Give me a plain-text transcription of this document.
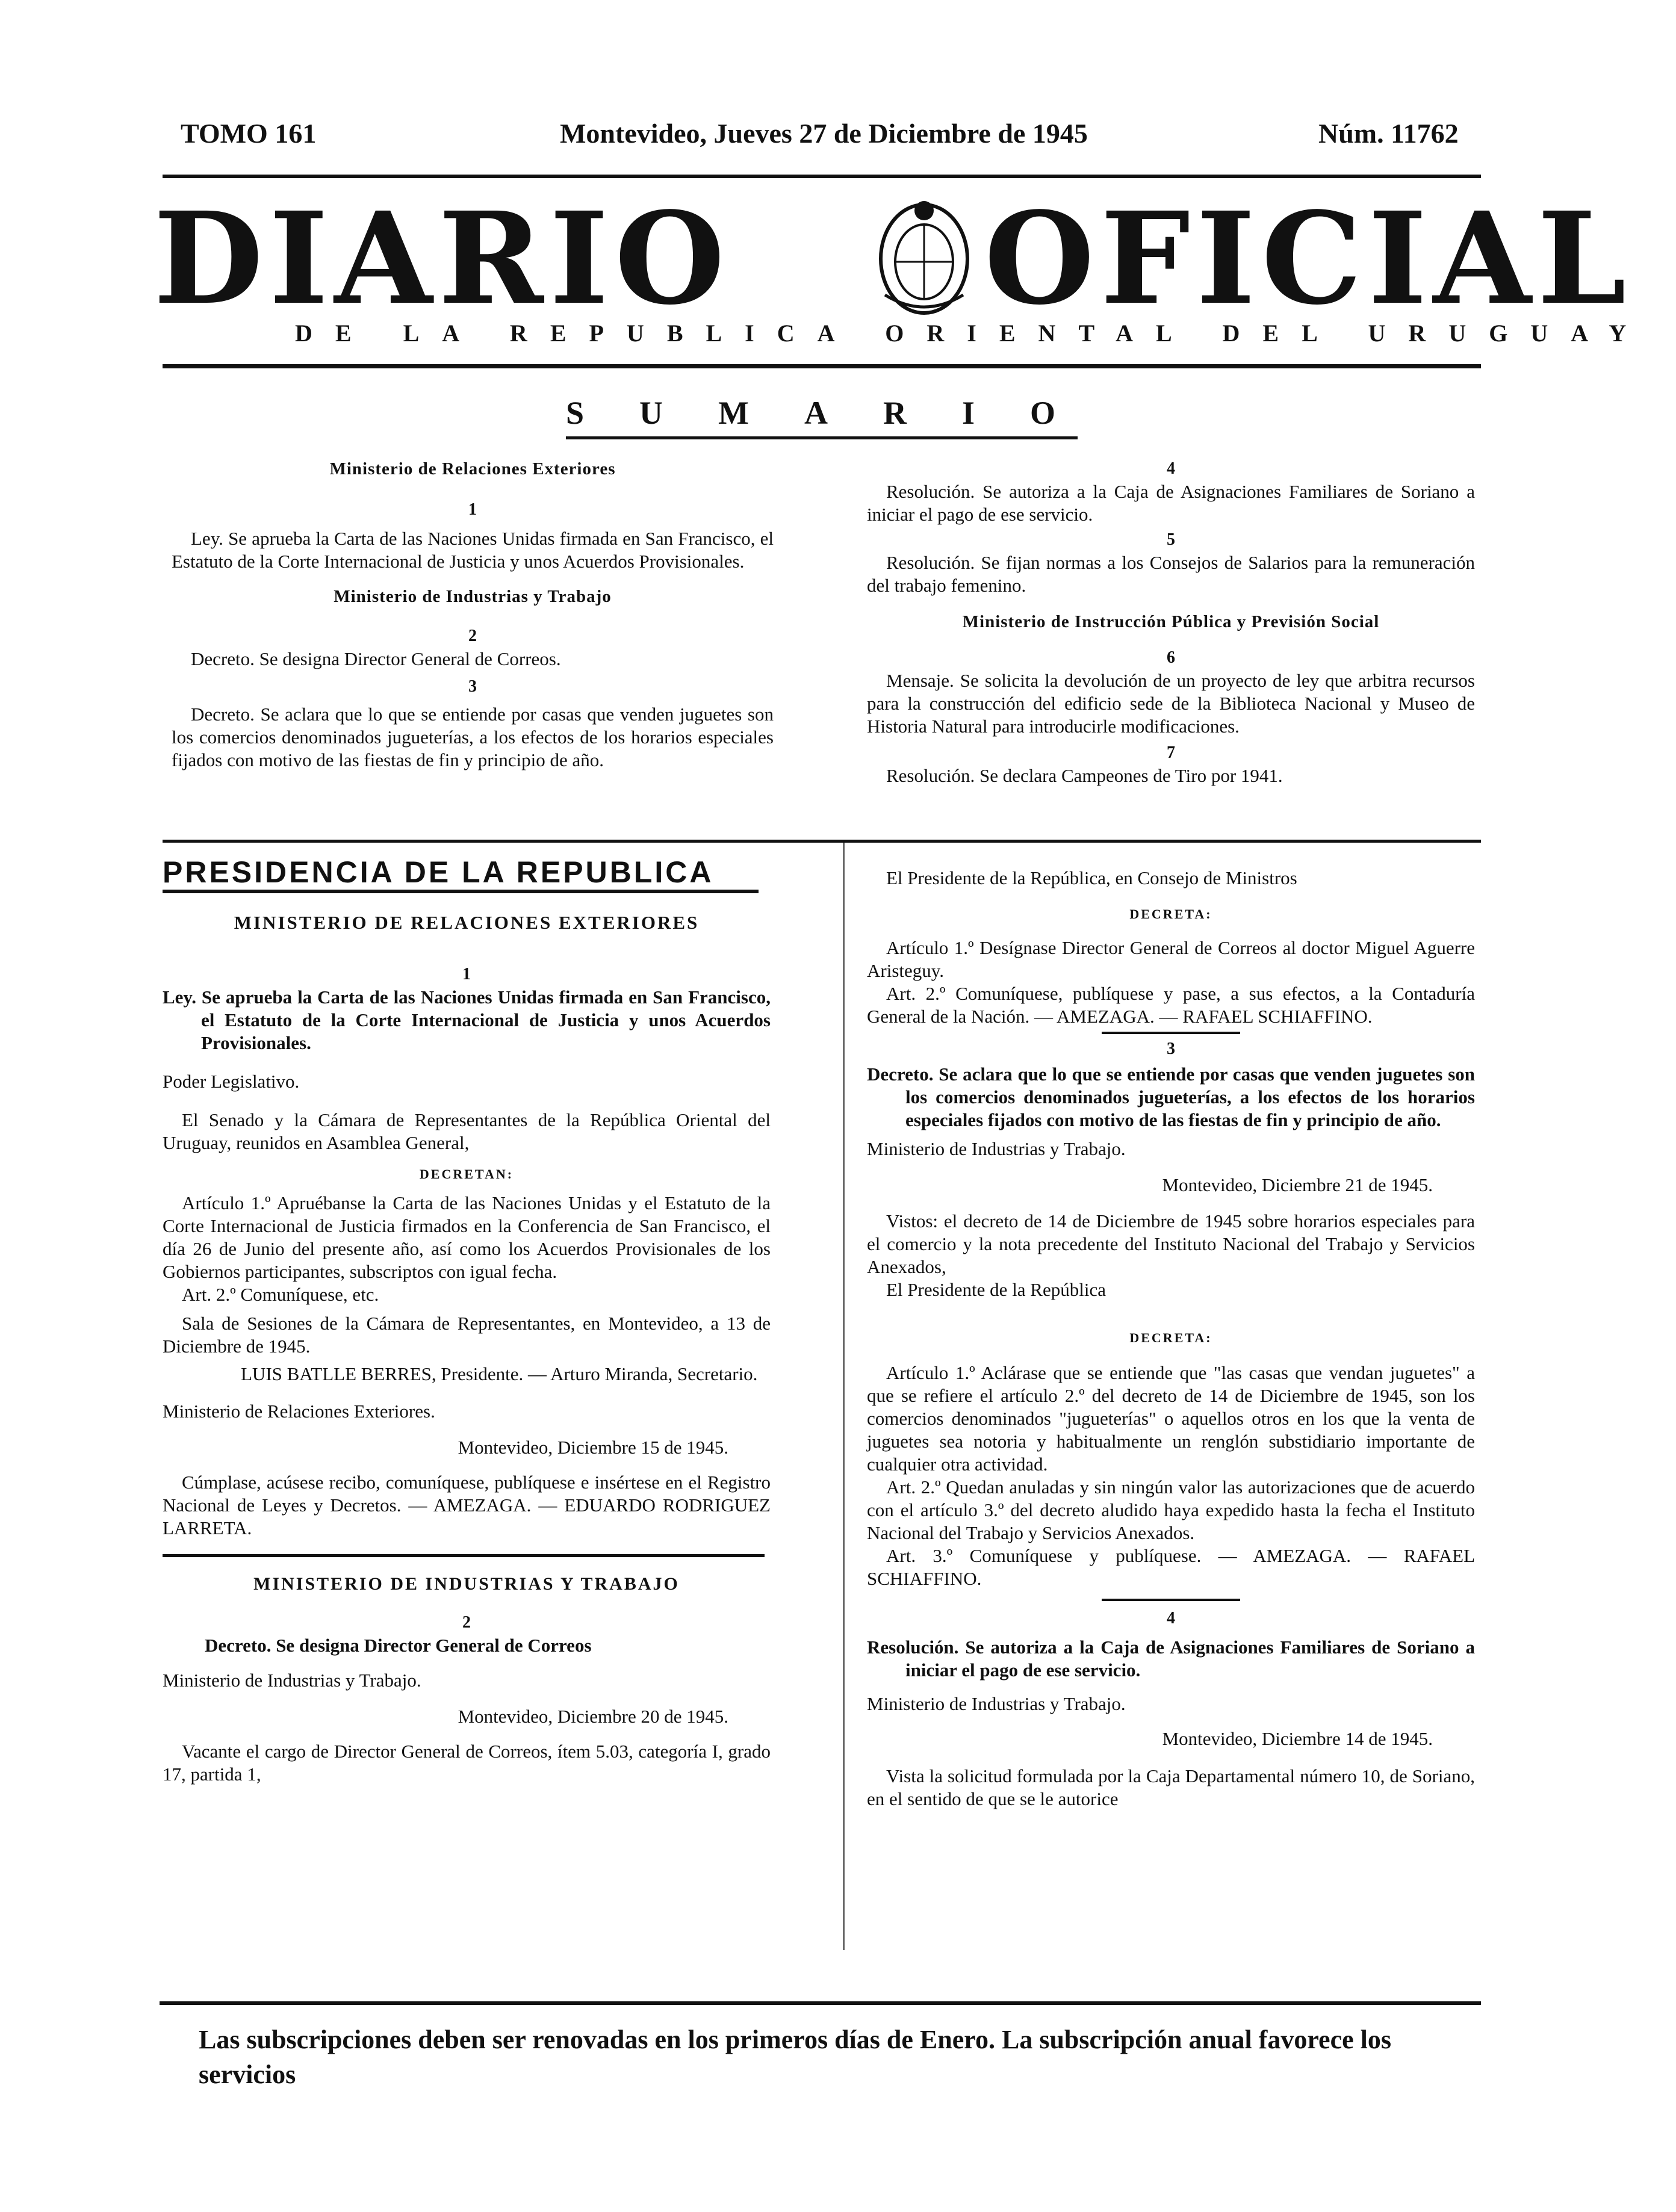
TOMO 161	Montevideo, Jueves 27 de Diciembre de 1945	Núm. 11762
DIARIO OFICIAL
DE LA REPUBLICA ORIENTAL DEL URUGUAY
SUMARIO

Ministerio de Relaciones Exteriores

1

Ley. Se aprueba la Carta de las Naciones Unidas firmada en San Francisco, el Estatuto de la Corte Internacional de Justicia y unos Acuerdos Provisionales.

Ministerio de Industrias y Trabajo

2

Decreto. Se designa Director General de Correos.

3

Decreto. Se aclara que lo que se entiende por casas que venden juguetes son los comercios denominados jugueterías, a los efectos de los horarios especiales fijados con motivo de las fiestas de fin y principio de año.

4

Resolución. Se autoriza a la Caja de Asignaciones Familiares de Soriano a iniciar el pago de ese servicio.

5

Resolución. Se fijan normas a los Consejos de Salarios para la remuneración del trabajo femenino.

Ministerio de Instrucción Pública y Previsión Social

6

Mensaje. Se solicita la devolución de un proyecto de ley que arbitra recursos para la construcción del edificio sede de la Biblioteca Nacional y Museo de Historia Natural para introducirle modificaciones.

7

Resolución. Se declara Campeones de Tiro por 1941.

PRESIDENCIA DE LA REPUBLICA

MINISTERIO DE RELACIONES EXTERIORES

1

Ley. Se aprueba la Carta de las Naciones Unidas firmada en San Francisco, el Estatuto de la Corte Internacional de Justicia y unos Acuerdos Provisionales.

Poder Legislativo.

El Senado y la Cámara de Representantes de la República Oriental del Uruguay, reunidos en Asamblea General,

DECRETAN:

Artículo 1.º Apruébanse la Carta de las Naciones Unidas y el Estatuto de la Corte Internacional de Justicia firmados en la Conferencia de San Francisco, el día 26 de Junio del presente año, así como los Acuerdos Provisionales de los Gobiernos participantes, subscriptos con igual fecha.

Art. 2.º Comuníquese, etc.

Sala de Sesiones de la Cámara de Representantes, en Montevideo, a 13 de Diciembre de 1945.

LUIS BATLLE BERRES, Presidente. — Arturo Miranda, Secretario.

Ministerio de Relaciones Exteriores.

Montevideo, Diciembre 15 de 1945.

Cúmplase, acúsese recibo, comuníquese, publíquese e insértese en el Registro Nacional de Leyes y Decretos. — AMEZAGA. — EDUARDO RODRIGUEZ LARRETA.

MINISTERIO DE INDUSTRIAS Y TRABAJO

2

Decreto. Se designa Director General de Correos

Ministerio de Industrias y Trabajo.

Montevideo, Diciembre 20 de 1945.

Vacante el cargo de Director General de Correos, ítem 5.03, categoría I, grado 17, partida 1,

El Presidente de la República, en Consejo de Ministros

DECRETA:

Artículo 1.º Desígnase Director General de Correos al doctor Miguel Aguerre Aristeguy.

Art. 2.º Comuníquese, publíquese y pase, a sus efectos, a la Contaduría General de la Nación. — AMEZAGA. — RAFAEL SCHIAFFINO.

3

Decreto. Se aclara que lo que se entiende por casas que venden juguetes son los comercios denominados jugueterías, a los efectos de los horarios especiales fijados con motivo de las fiestas de fin y principio de año.

Ministerio de Industrias y Trabajo.

Montevideo, Diciembre 21 de 1945.

Vistos: el decreto de 14 de Diciembre de 1945 sobre horarios especiales para el comercio y la nota precedente del Instituto Nacional del Trabajo y Servicios Anexados,

El Presidente de la República

DECRETA:

Artículo 1.º Aclárase que se entiende que "las casas que vendan juguetes" a que se refiere el artículo 2.º del decreto de 14 de Diciembre de 1945, son los comercios denominados "jugueterías" o aquellos otros en los que la venta de juguetes sea notoria y habitualmente un renglón substidiario importante de cualquier otra actividad.

Art. 2.º Quedan anuladas y sin ningún valor las autorizaciones que de acuerdo con el artículo 3.º del decreto aludido haya expedido hasta la fecha el Instituto Nacional del Trabajo y Servicios Anexados.

Art. 3.º Comuníquese y publíquese. — AMEZAGA. — RAFAEL SCHIAFFINO.

4

Resolución. Se autoriza a la Caja de Asignaciones Familiares de Soriano a iniciar el pago de ese servicio.

Ministerio de Industrias y Trabajo.

Montevideo, Diciembre 14 de 1945.

Vista la solicitud formulada por la Caja Departamental número 10, de Soriano, en el sentido de que se le autorice

Las subscripciones deben ser renovadas en los primeros días de Enero. La subscripción anual favorece los servicios
